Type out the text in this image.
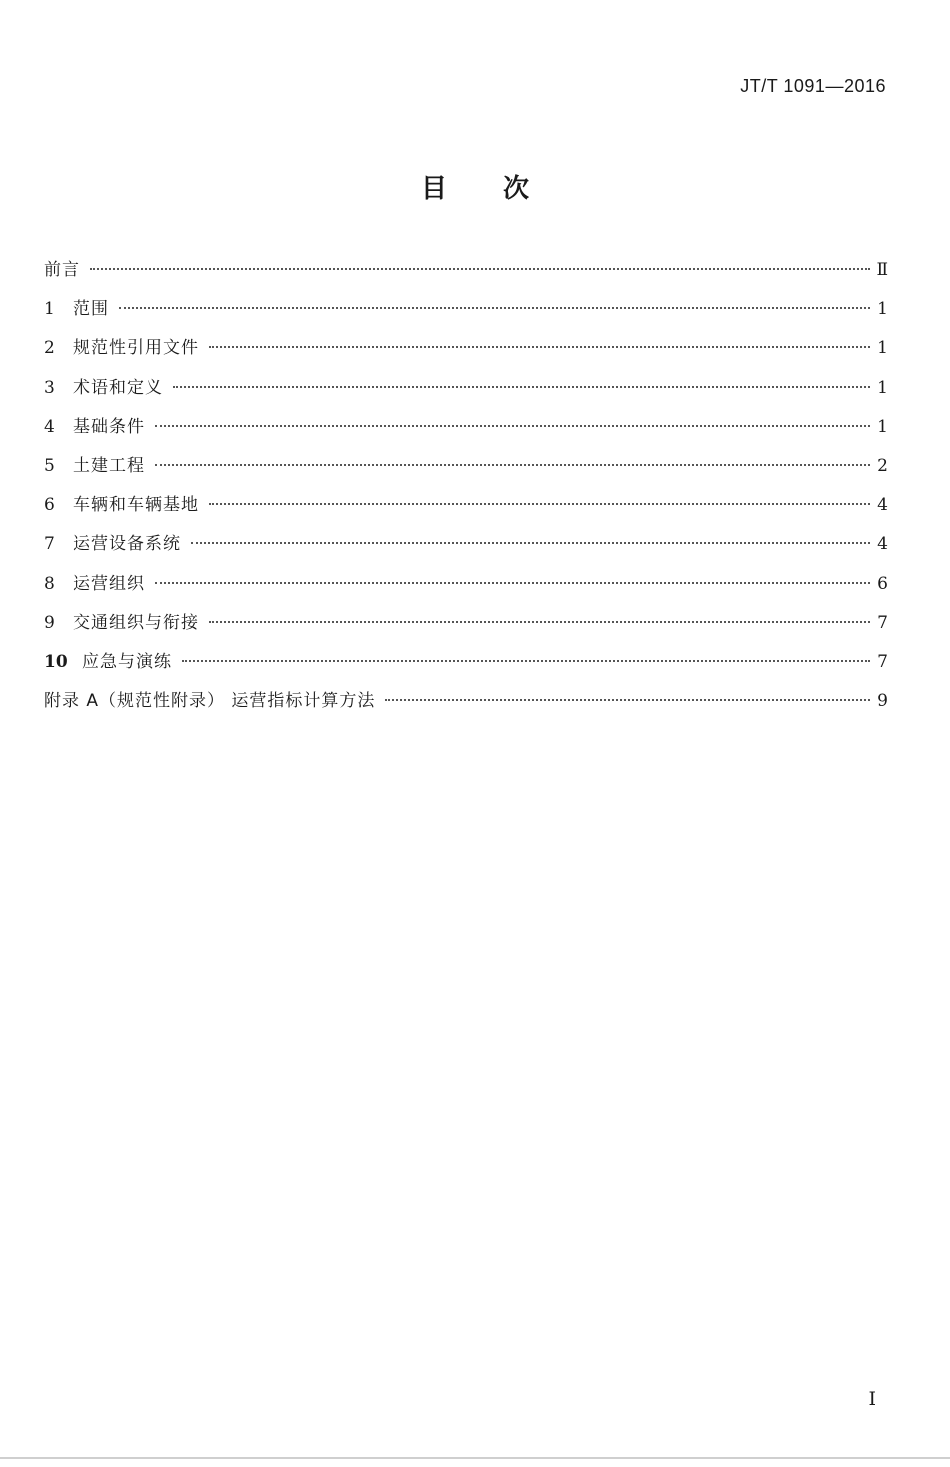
JT/T 1091—2016
目次
前言	Ⅱ
1	范围	1
2	规范性引用文件	1
3	术语和定义	1
4	基础条件	1
5	土建工程	2
6	车辆和车辆基地	4
7	运营设备系统	4
8	运营组织	6
9	交通组织与衔接	7
10 应急与演练	7
附录 A（规范性附录） 运营指标计算方法	9
I
